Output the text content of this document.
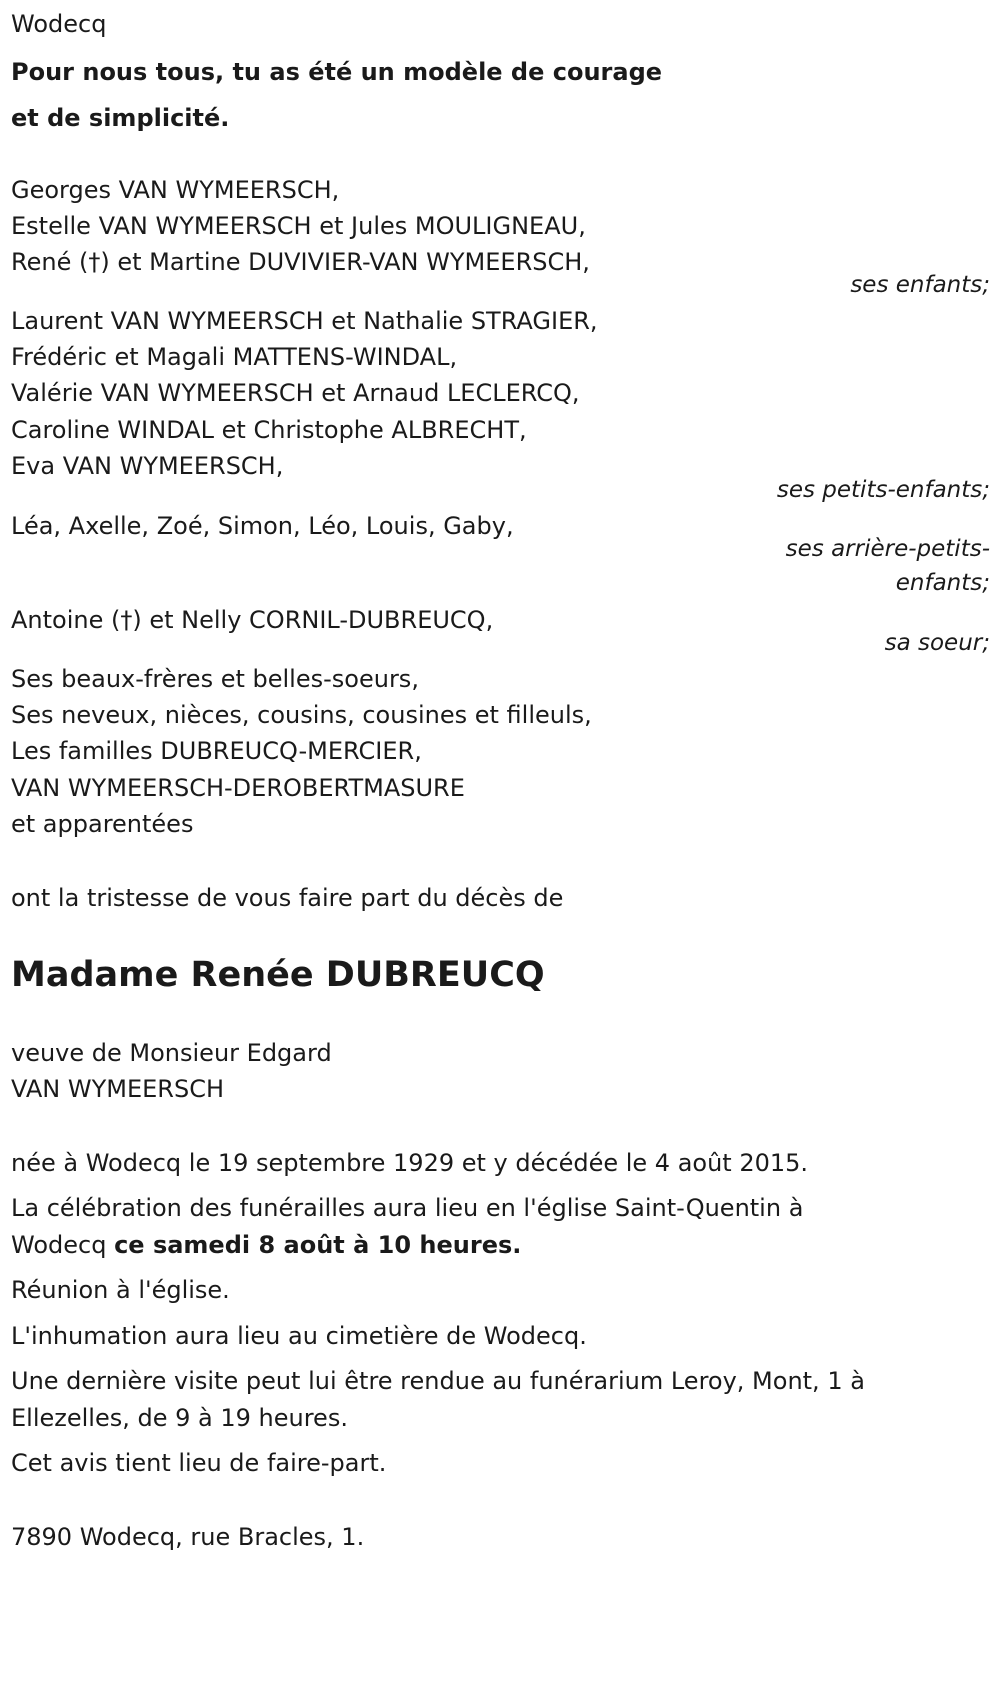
Wodecq
Pour nous tous, tu as été un modèle de courage
et de simplicité.
Georges VAN WYMEERSCH,
Estelle VAN WYMEERSCH et Jules MOULIGNEAU,
René (†) et Martine DUVIVIER-VAN WYMEERSCH,
ses enfants;
Laurent VAN WYMEERSCH et Nathalie STRAGIER,
Frédéric et Magali MATTENS-WINDAL,
Valérie VAN WYMEERSCH et Arnaud LECLERCQ,
Caroline WINDAL et Christophe ALBRECHT,
Eva VAN WYMEERSCH,
ses petits-enfants;
Léa, Axelle, Zoé, Simon, Léo, Louis, Gaby,
ses arrière-petits-
enfants;
Antoine (†) et Nelly CORNIL-DUBREUCQ,
sa soeur;
Ses beaux-frères et belles-soeurs,
Ses neveux, nièces, cousins, cousines et filleuls,
Les familles DUBREUCQ-MERCIER,
VAN WYMEERSCH-DEROBERTMASURE
et apparentées
ont la tristesse de vous faire part du décès de
Madame Renée DUBREUCQ
veuve de Monsieur Edgard
VAN WYMEERSCH
née à Wodecq le 19 septembre 1929 et y décédée le 4 août 2015.
La célébration des funérailles aura lieu en l'église Saint-Quentin à
Wodecq ce samedi 8 août à 10 heures.
Réunion à l'église.
L'inhumation aura lieu au cimetière de Wodecq.
Une dernière visite peut lui être rendue au funérarium Leroy, Mont, 1 à
Ellezelles, de 9 à 19 heures.
Cet avis tient lieu de faire-part.
7890 Wodecq, rue Bracles, 1.
